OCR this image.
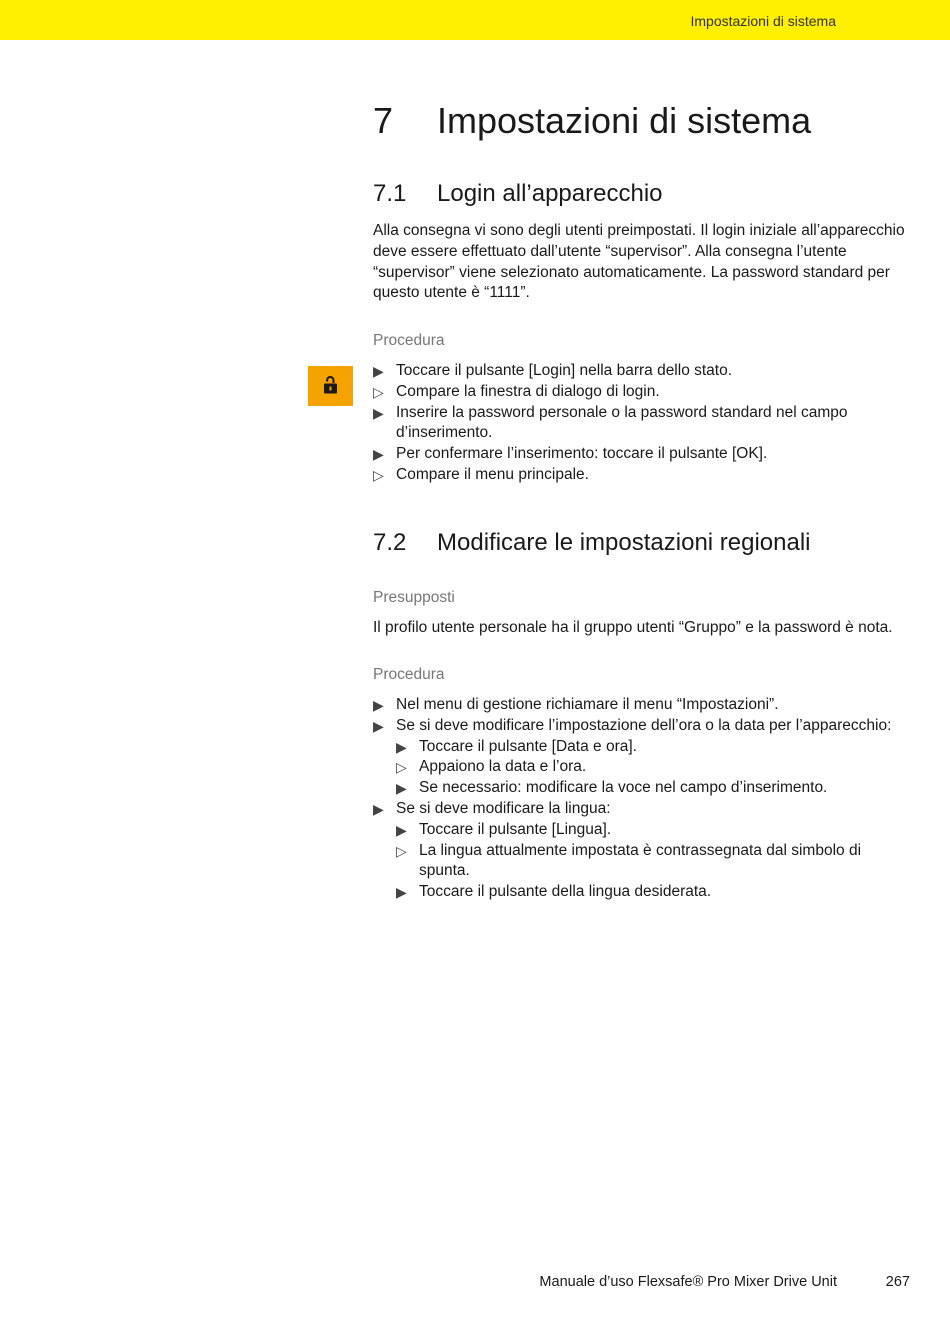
Impostazioni di sistema
7 Impostazioni di sistema
7.1 Login all’apparecchio
Alla consegna vi sono degli utenti preimpostati. Il login iniziale all’apparecchio deve essere effettuato dall’utente “supervisor”. Alla consegna l’utente “supervisor” viene selezionato automaticamente. La password standard per questo utente è “1111”.
Procedura
▶ Toccare il pulsante [Login] nella barra dello stato.
▷ Compare la finestra di dialogo di login.
▶ Inserire la password personale o la password standard nel campo d’inserimento.
▶ Per confermare l’inserimento: toccare il pulsante [OK].
▷ Compare il menu principale.
7.2 Modificare le impostazioni regionali
Presupposti
Il profilo utente personale ha il gruppo utenti “Gruppo” e la password è nota.
Procedura
▶ Nel menu di gestione richiamare il menu “Impostazioni”.
▶ Se si deve modificare l’impostazione dell’ora o la data per l’apparecchio:
▶ Toccare il pulsante [Data e ora].
▷ Appaiono la data e l’ora.
▶ Se necessario: modificare la voce nel campo d’inserimento.
▶ Se si deve modificare la lingua:
▶ Toccare il pulsante [Lingua].
▷ La lingua attualmente impostata è contrassegnata dal simbolo di spunta.
▶ Toccare il pulsante della lingua desiderata.
Manuale d’uso Flexsafe® Pro Mixer Drive Unit	267
